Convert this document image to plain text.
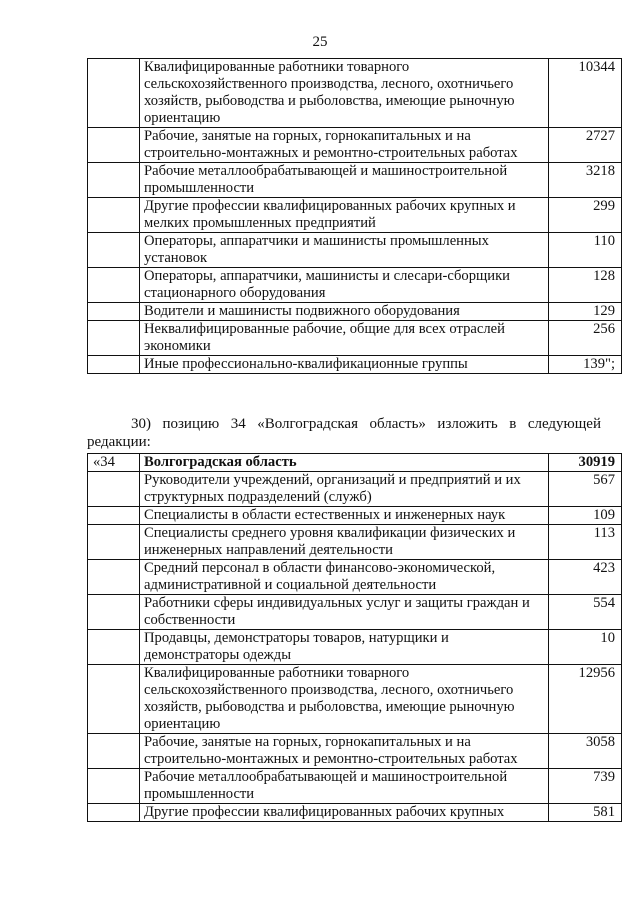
25
	Квалифицированные работники товарного сельскохозяйственного производства, лесного, охотничьего хозяйств, рыбоводства и рыболовства, имеющие рыночную ориентацию	10344
	Рабочие, занятые на горных, горнокапитальных и на строительно-монтажных и ремонтно-строительных работах	2727
	Рабочие металлообрабатывающей и машиностроительной промышленности	3218
	Другие профессии квалифицированных рабочих крупных и мелких промышленных предприятий	299
	Операторы, аппаратчики и машинисты промышленных установок	110
	Операторы, аппаратчики, машинисты и слесари-сборщики стационарного оборудования	128
	Водители и машинисты подвижного оборудования	129
	Неквалифицированные рабочие, общие для всех отраслей экономики	256
	Иные профессионально-квалификационные группы	139";
30) позицию 34 «Волгоградская область» изложить в следующей редакции:
«34	Волгоградская область	30919
	Руководители учреждений, организаций и предприятий и их структурных подразделений (служб)	567
	Специалисты в области естественных и инженерных наук	109
	Специалисты среднего уровня квалификации физических и инженерных направлений деятельности	113
	Средний персонал в области финансово-экономической, административной и социальной деятельности	423
	Работники сферы индивидуальных услуг и защиты граждан и собственности	554
	Продавцы, демонстраторы товаров, натурщики и демонстраторы одежды	10
	Квалифицированные работники товарного сельскохозяйственного производства, лесного, охотничьего хозяйств, рыбоводства и рыболовства, имеющие рыночную ориентацию	12956
	Рабочие, занятые на горных, горнокапитальных и на строительно-монтажных и ремонтно-строительных работах	3058
	Рабочие металлообрабатывающей и машиностроительной промышленности	739
	Другие профессии квалифицированных рабочих крупных	581
